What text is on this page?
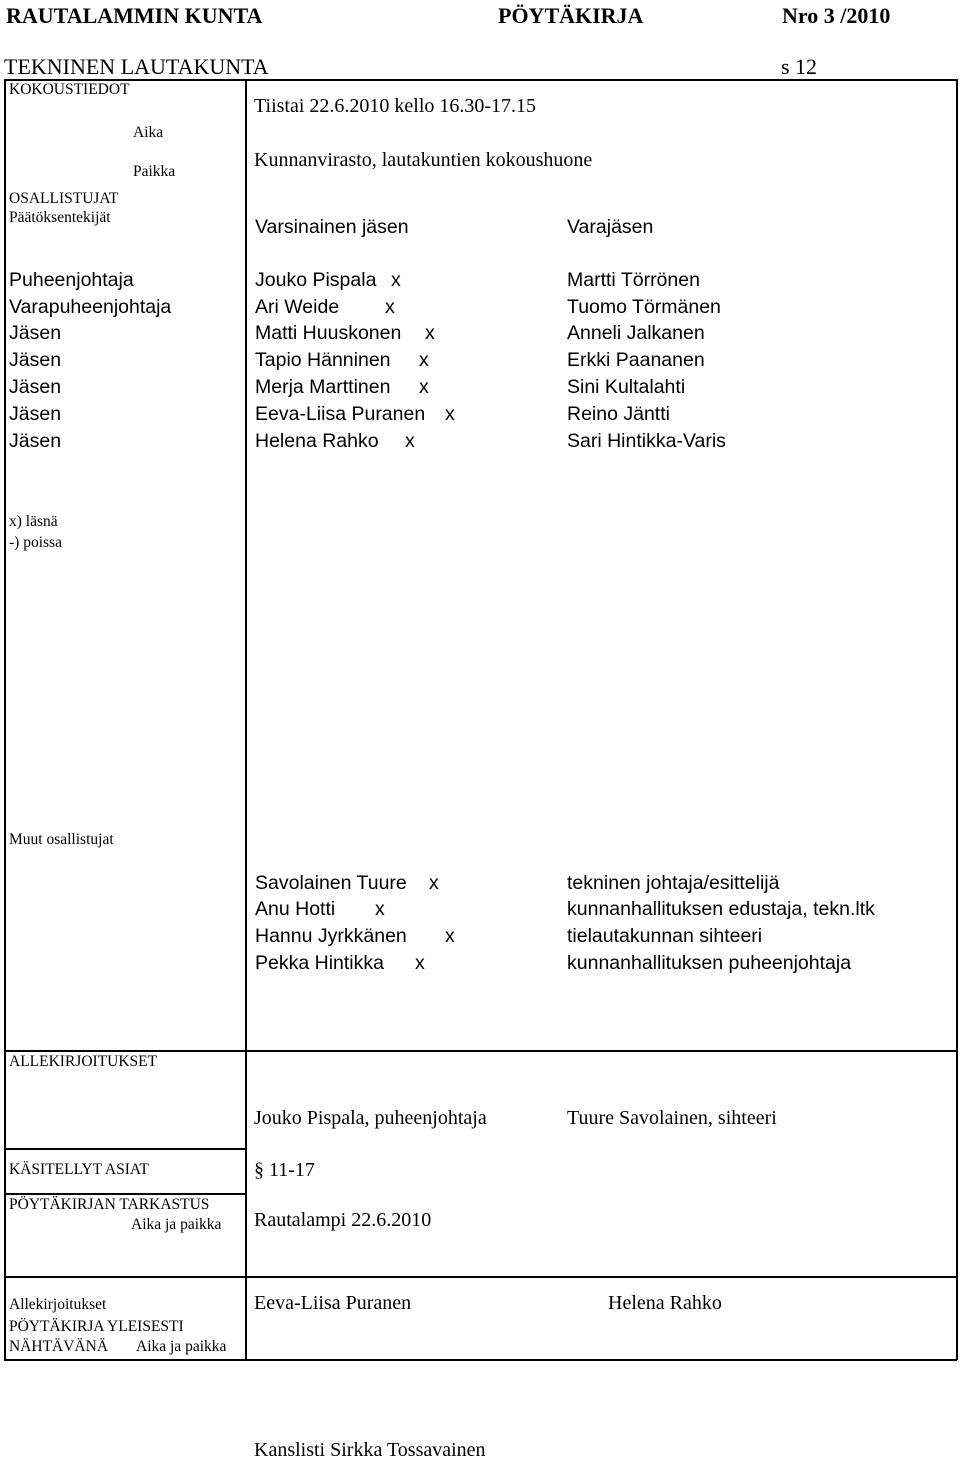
RAUTALAMMIN KUNTA	PÖYTÄKIRJA	Nro 3 /2010
TEKNINEN LAUTAKUNTA	s 12
KOKOUSTIEDOT
Aika
Tiistai 22.6.2010 kello 16.30-17.15
Paikka
Kunnanvirasto, lautakuntien kokoushuone
OSALLISTUJAT
Päätöksentekijät	Varsinainen jäsen	Varajäsen
Puheenjohtaja	Jouko Pispala x	Martti Törrönen
Varapuheenjohtaja	Ari Weide x	Tuomo Törmänen
Jäsen	Matti Huuskonen x	Anneli Jalkanen
Jäsen	Tapio Hänninen x	Erkki Paananen
Jäsen	Merja Marttinen x	Sini Kultalahti
Jäsen	Eeva-Liisa Puranen x	Reino Jäntti
Jäsen	Helena Rahko x	Sari Hintikka-Varis
x) läsnä
-) poissa
Muut osallistujat
Savolainen Tuure x	tekninen johtaja/esittelijä
Anu Hotti x	kunnanhallituksen edustaja, tekn.ltk
Hannu Jyrkkänen x	tielautakunnan sihteeri
Pekka Hintikka x	kunnanhallituksen puheenjohtaja
ALLEKIRJOITUKSET
Jouko Pispala, puheenjohtaja	Tuure Savolainen, sihteeri
KÄSITELLYT ASIAT	§ 11-17
PÖYTÄKIRJAN TARKASTUS
Aika ja paikka Rautalampi 22.6.2010
Allekirjoitukset	Eeva-Liisa Puranen	Helena Rahko
PÖYTÄKIRJA YLEISESTI
NÄHTÄVÄNÄ Aika ja paikka
Kanslisti Sirkka Tossavainen
